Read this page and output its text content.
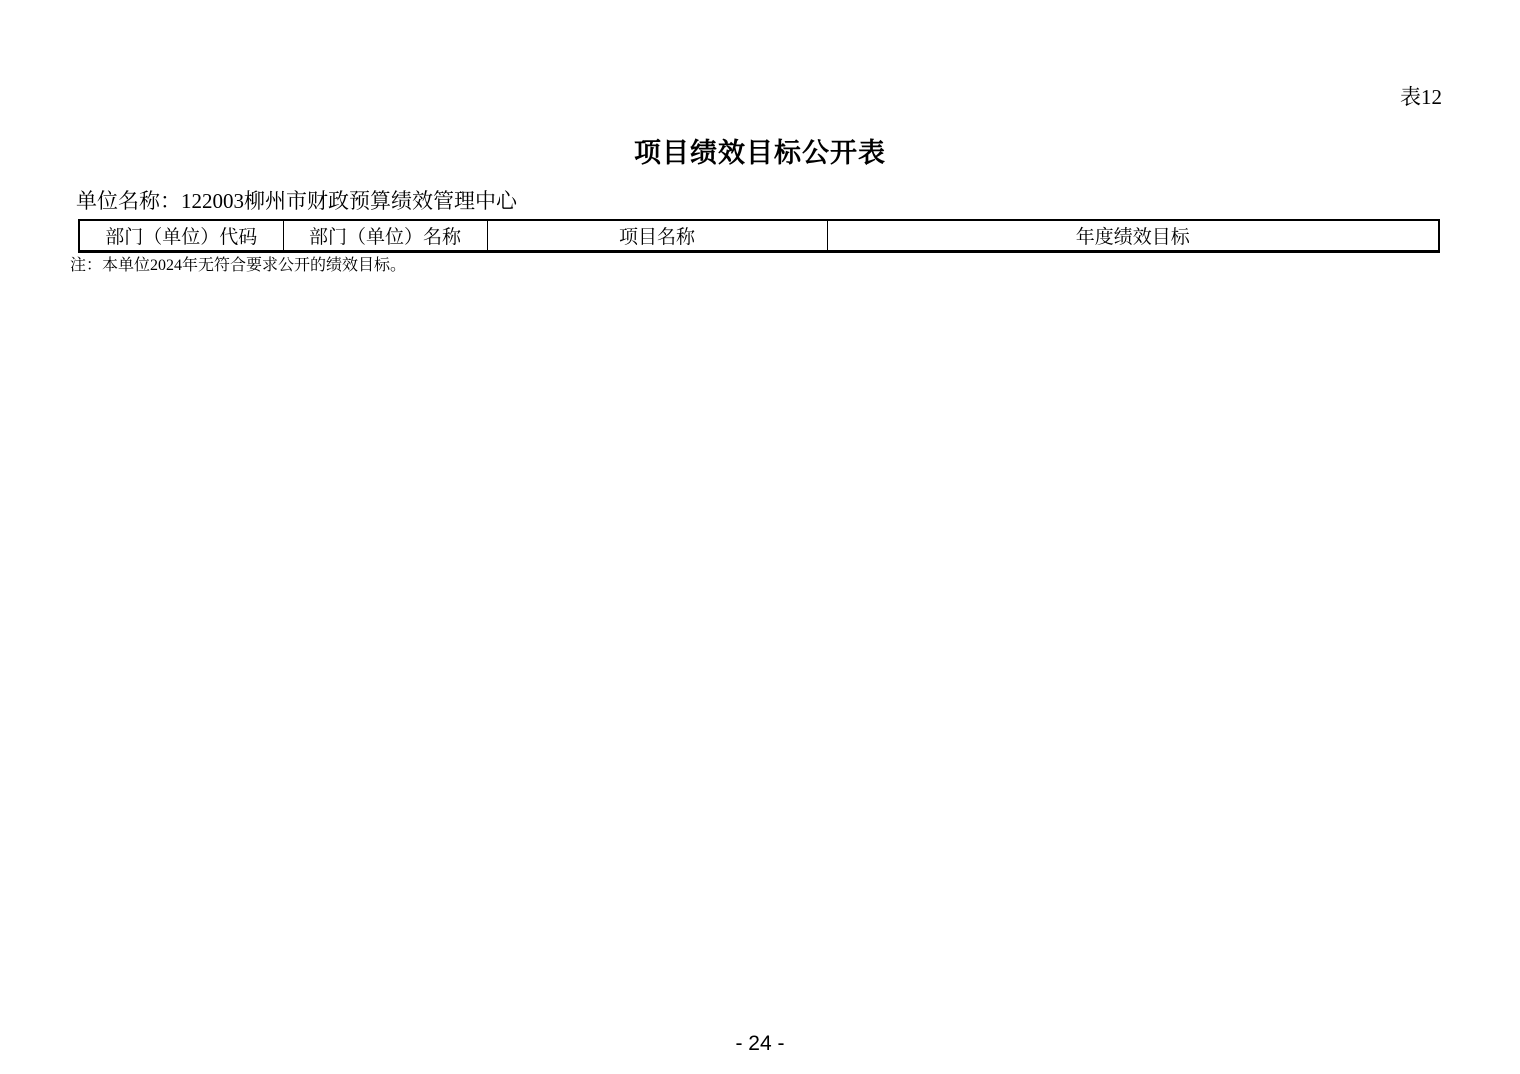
表12
项目绩效目标公开表
单位名称：122003柳州市财政预算绩效管理中心
部门（单位）代码	部门（单位）名称	项目名称	年度绩效目标
注：本单位2024年无符合要求公开的绩效目标。
- 24 -
